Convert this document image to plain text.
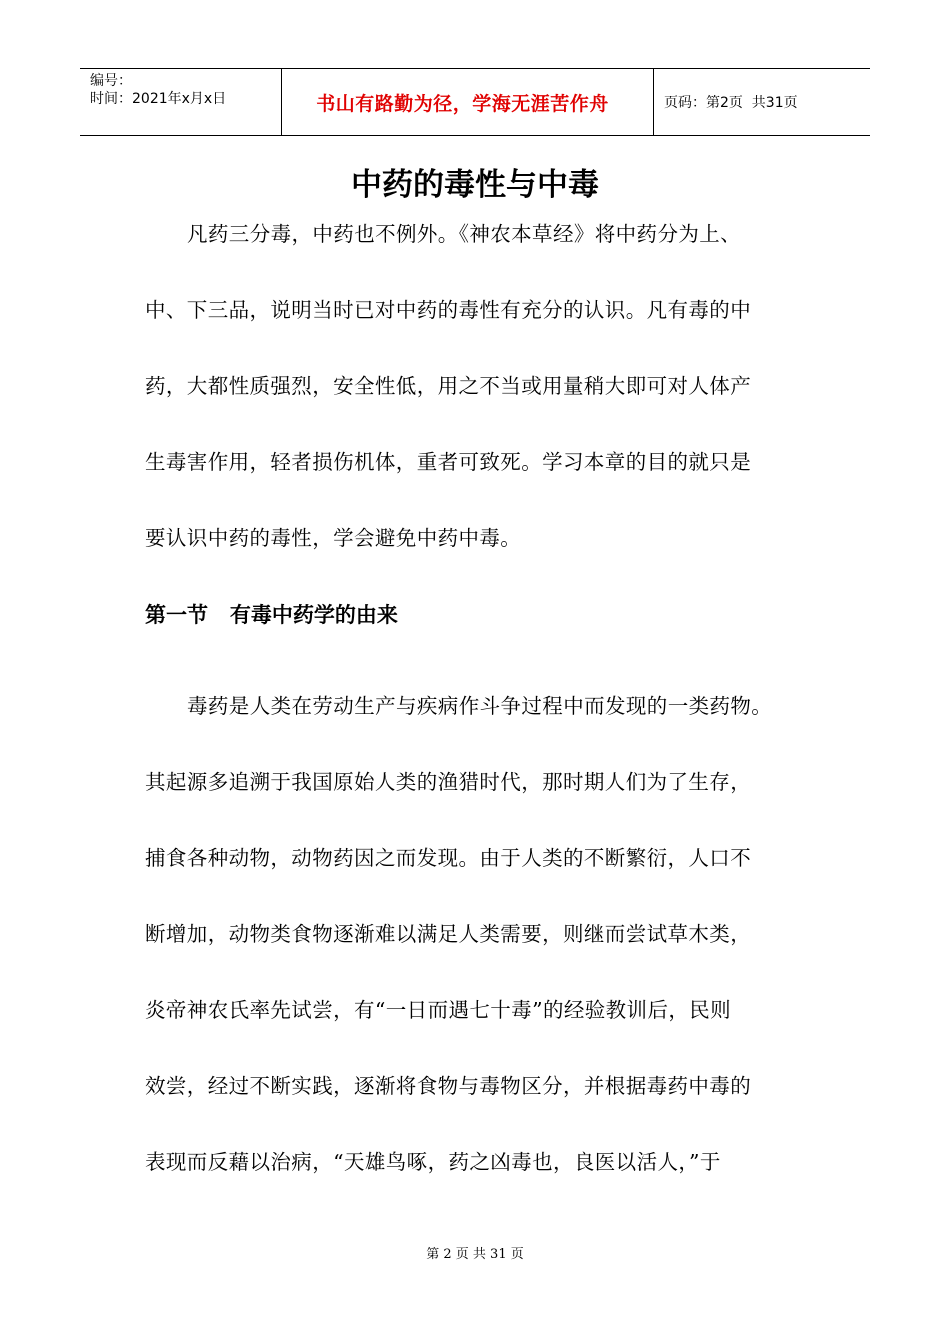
编号：
时间：2021年x月x日	书山有路勤为径，学海无涯苦作舟	页码：第2页  共31页
中药的毒性与中毒
凡药三分毒，中药也不例外。《神农本草经》将中药分为上、
中、下三品，说明当时已对中药的毒性有充分的认识。凡有毒的中
药，大都性质强烈，安全性低，用之不当或用量稍大即可对人体产
生毒害作用，轻者损伤机体，重者可致死。学习本章的目的就只是
要认识中药的毒性，学会避免中药中毒。
第一节   有毒中药学的由来
毒药是人类在劳动生产与疾病作斗争过程中而发现的一类药物。
其起源多追溯于我国原始人类的渔猎时代，那时期人们为了生存，
捕食各种动物，动物药因之而发现。由于人类的不断繁衍，人口不
断增加，动物类食物逐渐难以满足人类需要，则继而尝试草木类，
炎帝神农氏率先试尝，有“一日而遇七十毒”的经验教训后，民则
效尝，经过不断实践，逐渐将食物与毒物区分，并根据毒药中毒的
表现而反藉以治病，“天雄鸟啄，药之凶毒也，良医以活人，”于
第 2 页 共 31 页
